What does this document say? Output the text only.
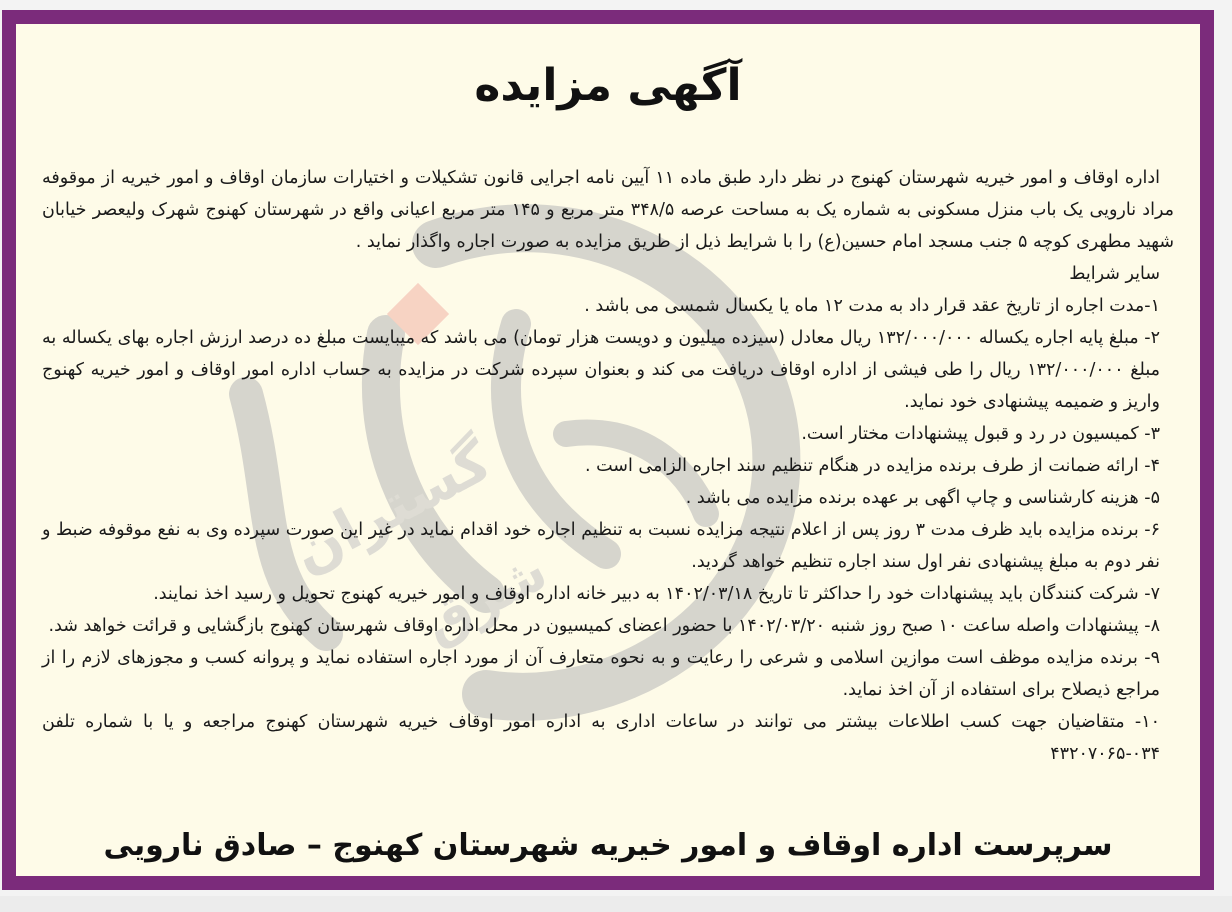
گستران
شرق
آگهی مزایده

اداره اوقاف و امور خیریه شهرستان کهنوج در نظر دارد طبق ماده ۱۱ آیین نامه اجرایی قانون تشکیلات و اختیارات سازمان اوقاف و امور خیریه از موقوفه مراد نارویی یک باب منزل مسکونی به شماره یک به مساحت عرصه ۳۴۸/۵ متر مربع و ۱۴۵ متر مربع اعیانی واقع در شهرستان کهنوج شهرک ولیعصر خیابان شهید مطهری کوچه ۵ جنب مسجد امام حسین(ع) را با شرایط ذیل از طریق مزایده به صورت اجاره واگذار نماید .

سایر شرایط

۱-مدت اجاره از تاریخ عقد قرار داد به مدت ۱۲ ماه یا یکسال شمسی می باشد .

۲- مبلغ پایه اجاره یکساله ۱۳۲/۰۰۰/۰۰۰ ریال معادل (سیزده میلیون و دویست هزار تومان) می باشد که میبایست مبلغ ده درصد ارزش اجاره بهای یکساله به مبلغ ۱۳۲/۰۰۰/۰۰۰ ریال را طی فیشی از اداره اوقاف دریافت می کند و بعنوان سپرده شرکت در مزایده به حساب اداره امور اوقاف و امور خیریه کهنوج واریز و ضمیمه پیشنهادی خود نماید.

۳- کمیسیون در رد و قبول پیشنهادات مختار است.

۴- ارائه ضمانت از طرف برنده مزایده در هنگام تنظیم سند اجاره الزامی است .

۵- هزینه کارشناسی و چاپ اگهی بر عهده برنده مزایده می باشد .

۶- برنده مزایده باید ظرف مدت ۳ روز پس از اعلام نتیجه مزایده نسبت به تنظیم اجاره خود اقدام نماید در غیر این صورت سپرده وی به نفع موقوفه ضبط و نفر دوم به مبلغ پیشنهادی نفر اول سند اجاره تنظیم خواهد گردید.

۷- شرکت کنندگان باید پیشنهادات خود را حداکثر تا تاریخ ۱۴۰۲/۰۳/۱۸ به دبیر خانه اداره اوقاف و امور خیریه کهنوج تحویل و رسید اخذ نمایند.

۸- پیشنهادات واصله ساعت ۱۰ صبح روز شنبه ۱۴۰۲/۰۳/۲۰ با حضور اعضای کمیسیون در محل اداره اوقاف شهرستان کهنوج بازگشایی و قرائت خواهد شد.

۹- برنده مزایده موظف است موازین اسلامی و شرعی را رعایت و به نحوه متعارف آن از مورد اجاره استفاده نماید و پروانه کسب و مجوزهای لازم را از مراجع ذیصلاح برای استفاده از آن اخذ نماید.

۱۰- متقاضیان جهت کسب اطلاعات بیشتر می توانند در ساعات اداری به اداره امور اوقاف خیریه شهرستان کهنوج مراجعه و یا با شماره تلفن ۰۳۴-۴۳۲۰۷۰۶۵

سرپرست اداره اوقاف و امور خیریه شهرستان کهنوج – صادق نارویی
